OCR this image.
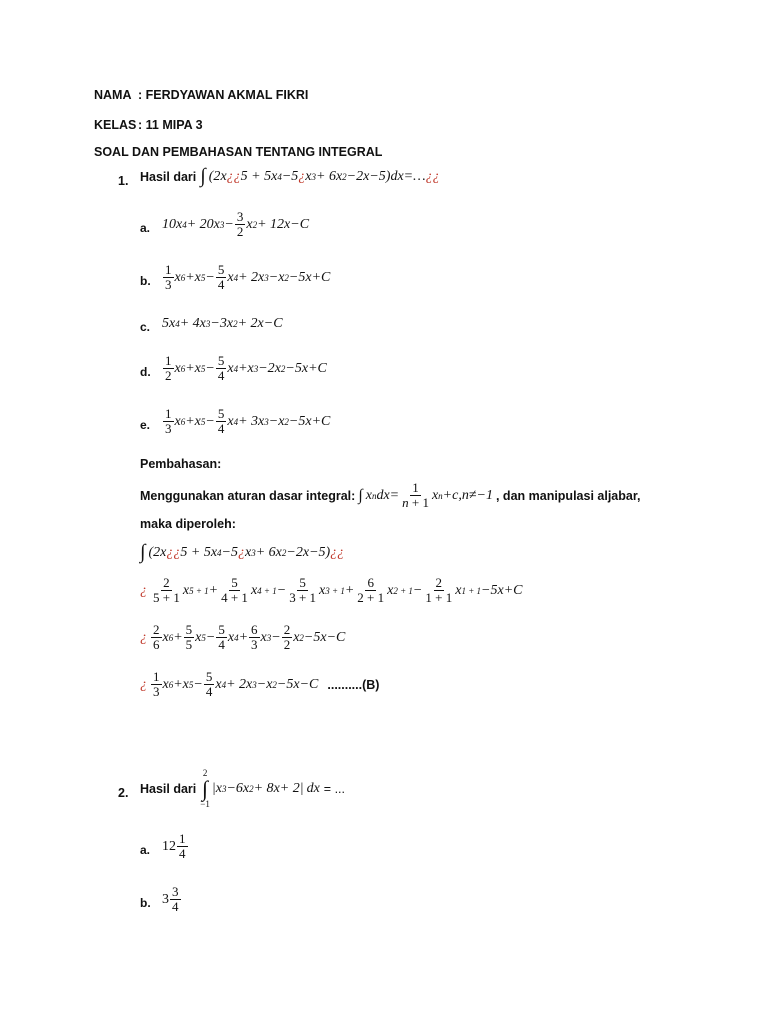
NAMA : FERDYAWAN AKMAL FIKRI
KELAS : 11 MIPA 3
SOAL DAN PEMBAHASAN TENTANG INTEGRAL
1. Hasil dari ∫ (2 x ¿¿ 5 + 5 x 4 −5 ¿ x 3 + 6 x 2 −2 x −5) dx =… ¿¿
a. 10 x 4 + 20 x $3 - \frac{3}{2}$ x 2 + 12 x − C
b. $\frac{1}{3}$ x 6 + x $5 - \frac{5}{4}$ x 4 + 2 x 3 − x 2 −5 x + C
c. 5 x 4 + 4 x 3 −3 x 2 + 2 x − C
d. $\frac{1}{2}$ x 6 + x $5 - \frac{5}{4}$ x 4 + x 3 −2 x 2 −5 x + C
e. $\frac{1}{3}$ x 6 + x $5 - \frac{5}{4}$ x 4 + 3 x 3 − x 2 −5 x + C
Pembahasan:
Menggunakan aturan dasar integral: ∫ x n dx = $\frac{1}{n + 1}$ x n + c , n ≠−1 , dan manipulasi aljabar,
maka diperoleh:
∫ (2 x ¿¿ 5 + 5 x 4 −5 ¿ x 3 + 6 x 2 −2 x −5) ¿¿
¿ $\frac{2}{5 + 1}$ x $5 + 1 + \frac{5}{4 + 1}$ x $4 + 1 - \frac{5}{3 + 1}$ x $3 + 1 + \frac{6}{2 + 1}$ x $2 + 1 - \frac{2}{1 + 1}$ x 1 + 1 −5 x + C
¿ $\frac{2}{6}$ x $6 + \frac{5}{5}$ x $5 - \frac{5}{4}$ x $4 + \frac{6}{3}$ x $3 - \frac{2}{2}$ x 2 −5 x − C
¿ $\frac{1}{3}$ x 6 + x $5 - \frac{5}{4}$ x 4 + 2 x 3 − x 2 −5 x − C ..........(B)
2. Hasil dari
2
∫
−1
| x 3 −6 x 2 + 8 x + 2| dx = ...
a. $12 \frac{1}{4}$
b. $3 \frac{3}{4}$
